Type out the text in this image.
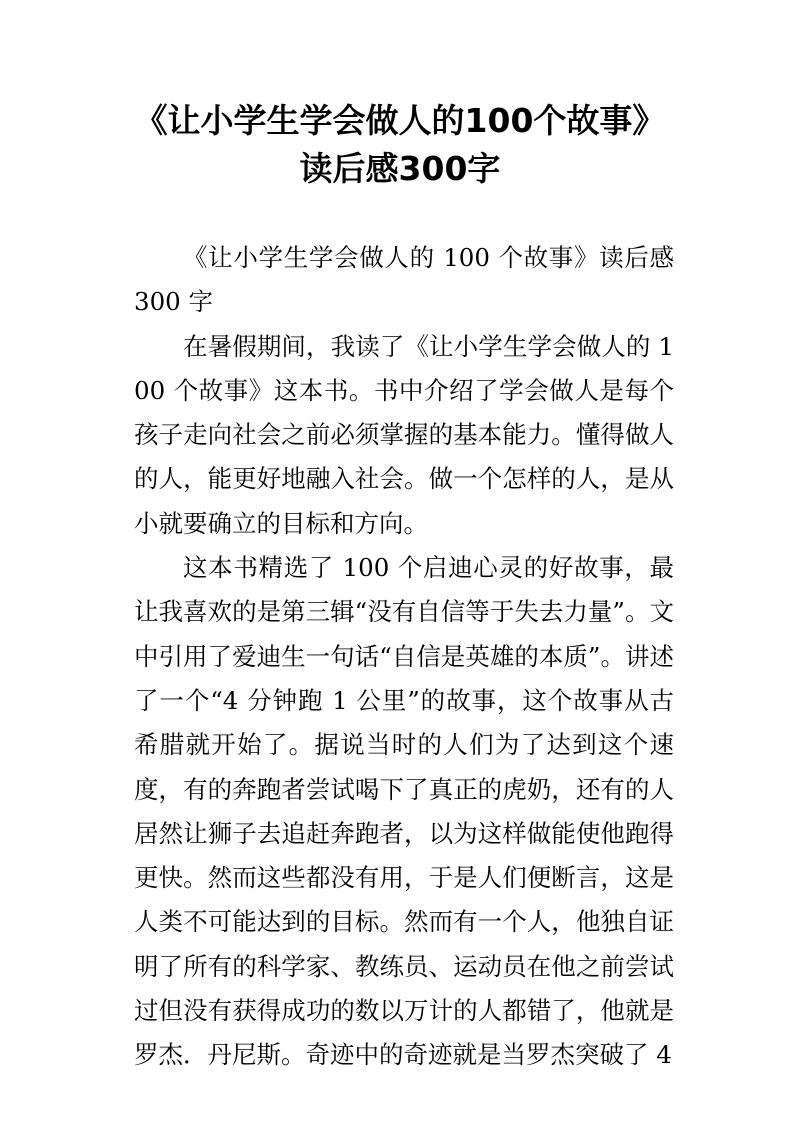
《让小学生学会做人的100个故事》
读后感300字

《让小学生学会做人的 100 个故事》读后感 300 字

在暑假期间，我读了《让小学生学会做人的 100 个故事》这本书。书中介绍了学会做人是每个孩子走向社会之前必须掌握的基本能力。懂得做人的人，能更好地融入社会。做一个怎样的人，是从小就要确立的目标和方向。

这本书精选了 100 个启迪心灵的好故事，最让我喜欢的是第三辑“没有自信等于失去力量”。文中引用了爱迪生一句话“自信是英雄的本质”。讲述了一个“4 分钟跑 1 公里”的故事，这个故事从古希腊就开始了。据说当时的人们为了达到这个速度，有的奔跑者尝试喝下了真正的虎奶，还有的人居然让狮子去追赶奔跑者，以为这样做能使他跑得更快。然而这些都没有用，于是人们便断言，这是人类不可能达到的目标。然而有一个人，他独自证明了所有的科学家、教练员、运动员在他之前尝试过但没有获得成功的数以万计的人都错了，他就是罗杰．丹尼斯。奇迹中的奇迹就是当罗杰突破了 4
